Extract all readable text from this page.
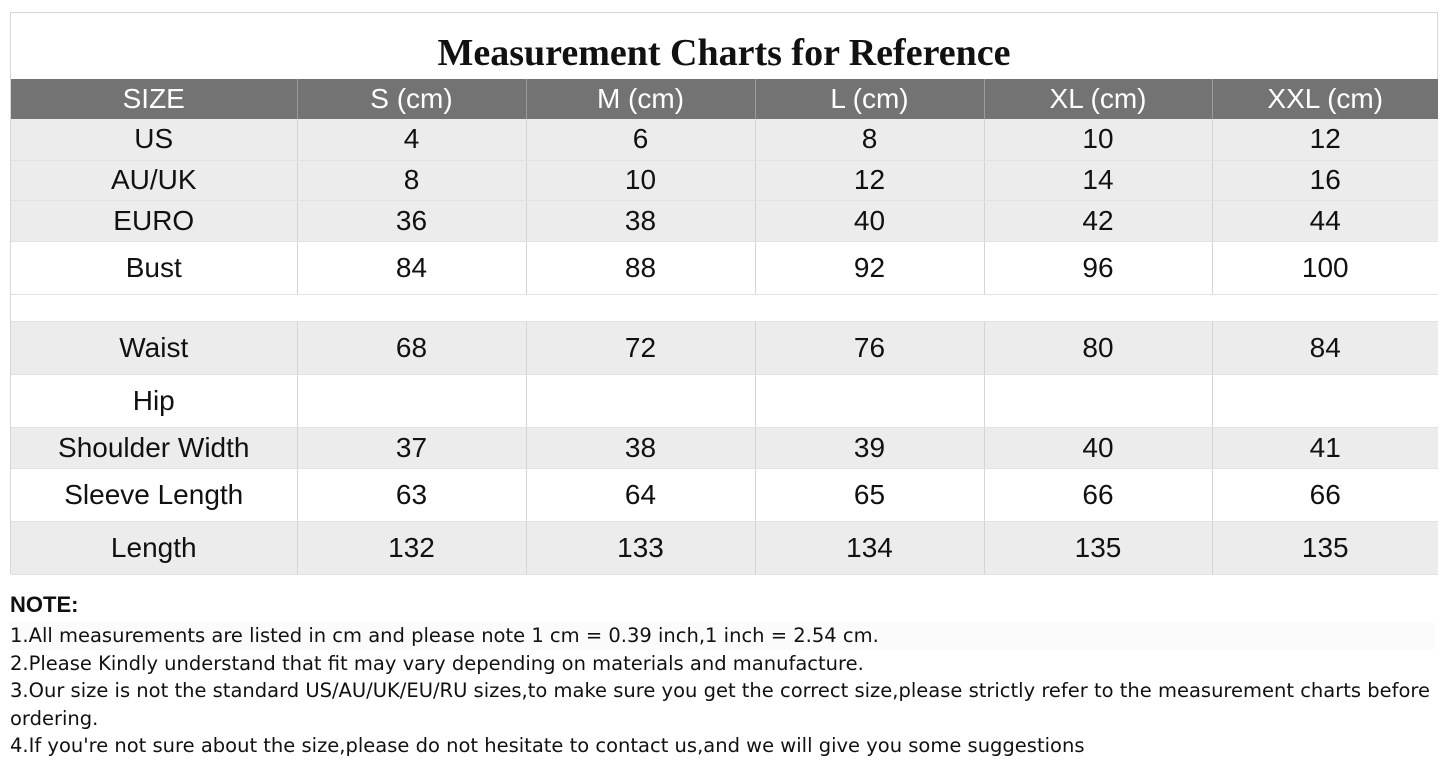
Measurement Charts for Reference
SIZE	S (cm)	M (cm)	L (cm)	XL (cm)	XXL (cm)
US	4	6	8	10	12
AU/UK	8	10	12	14	16
EURO	36	38	40	42	44
Bust	84	88	92	96	100

Waist	68	72	76	80	84
Hip					
Shoulder Width	37	38	39	40	41
Sleeve Length	63	64	65	66	66
Length	132	133	134	135	135

NOTE:

1.All measurements are listed in cm and please note 1 cm = 0.39 inch,1 inch = 2.54 cm.

2.Please Kindly understand that fit may vary depending on materials and manufacture.

3.Our size is not the standard US/AU/UK/EU/RU sizes,to make sure you get the correct size,please strictly refer to the measurement charts before ordering.

4.If you're not sure about the size,please do not hesitate to contact us,and we will give you some suggestions
